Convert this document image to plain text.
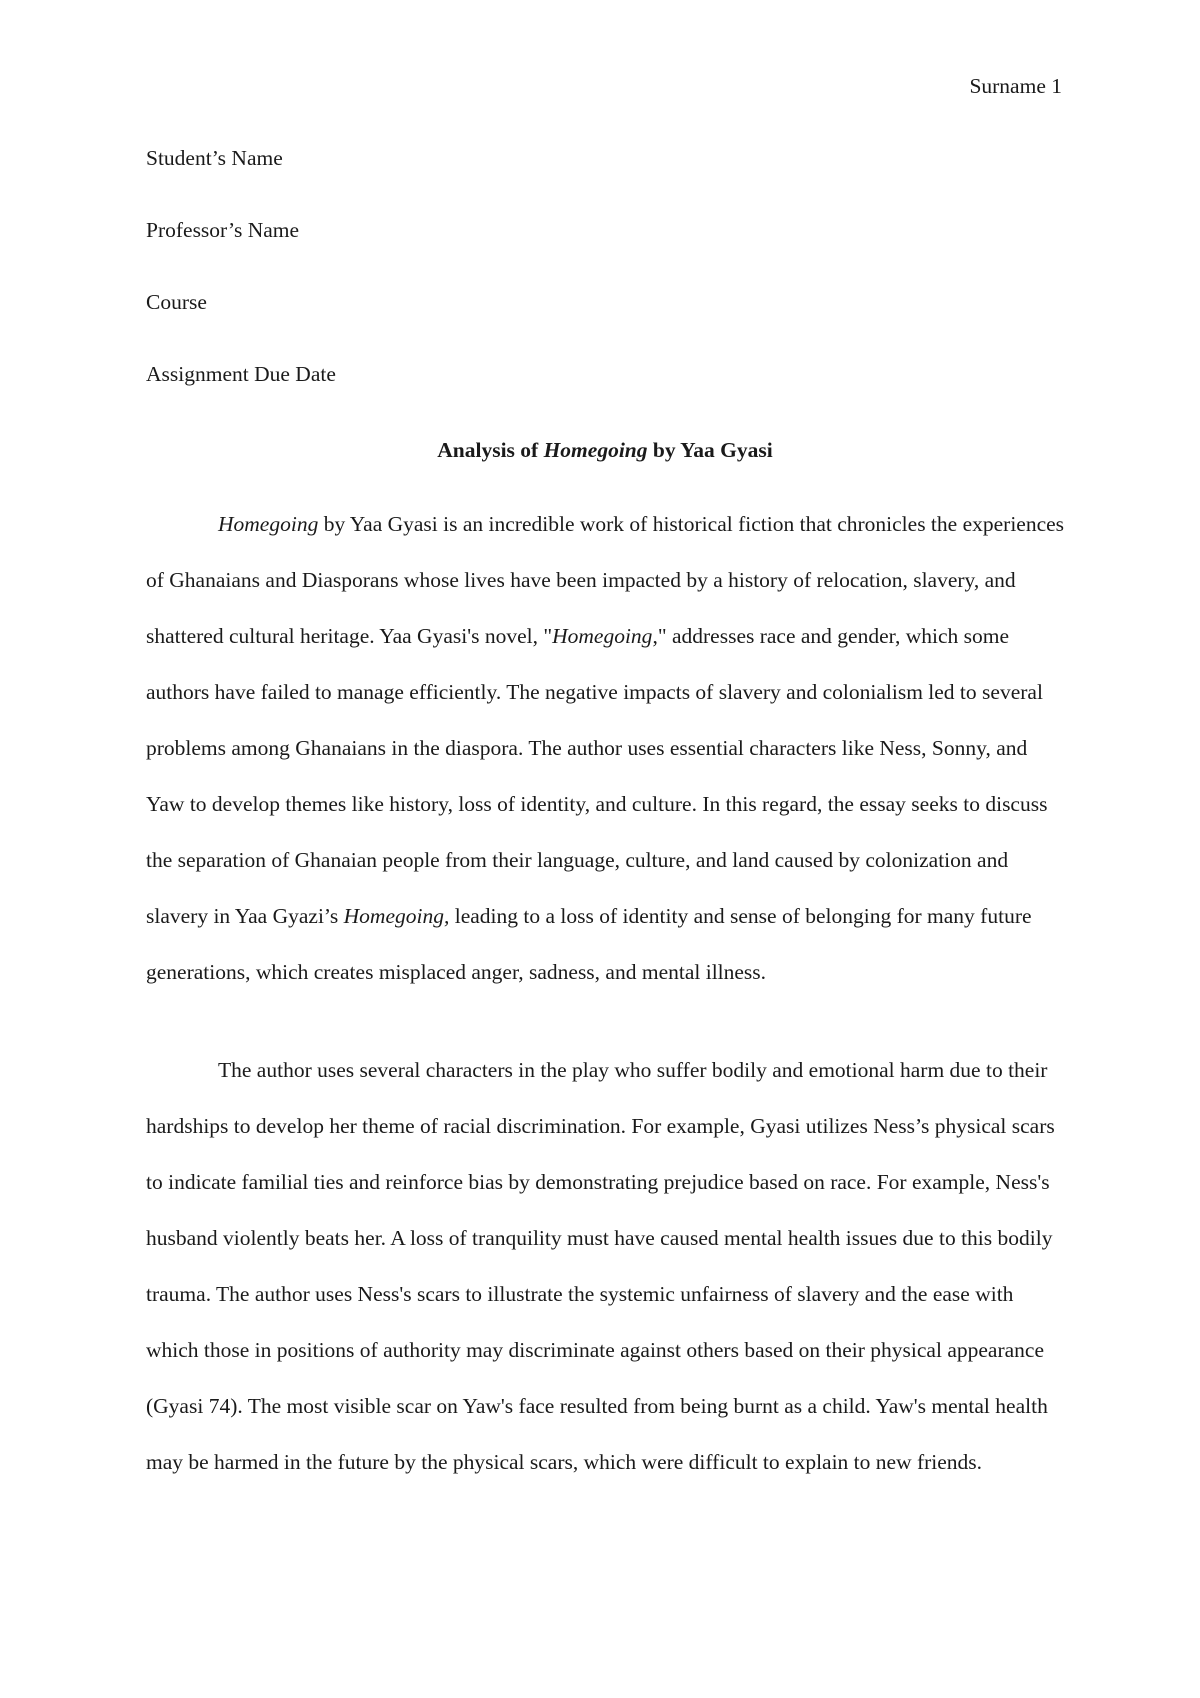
Surname 1

Student’s Name

Professor’s Name

Course

Assignment Due Date

Analysis of Homegoing by Yaa Gyasi

Homegoing by Yaa Gyasi is an incredible work of historical fiction that chronicles the experiences of Ghanaians and Diasporans whose lives have been impacted by a history of relocation, slavery, and shattered cultural heritage. Yaa Gyasi's novel, "Homegoing," addresses race and gender, which some authors have failed to manage efficiently. The negative impacts of slavery and colonialism led to several problems among Ghanaians in the diaspora. The author uses essential characters like Ness, Sonny, and Yaw to develop themes like history, loss of identity, and culture. In this regard, the essay seeks to discuss the separation of Ghanaian people from their language, culture, and land caused by colonization and slavery in Yaa Gyazi’s Homegoing, leading to a loss of identity and sense of belonging for many future generations, which creates misplaced anger, sadness, and mental illness.

The author uses several characters in the play who suffer bodily and emotional harm due to their hardships to develop her theme of racial discrimination. For example, Gyasi utilizes Ness’s physical scars to indicate familial ties and reinforce bias by demonstrating prejudice based on race. For example, Ness's husband violently beats her. A loss of tranquility must have caused mental health issues due to this bodily trauma. The author uses Ness's scars to illustrate the systemic unfairness of slavery and the ease with which those in positions of authority may discriminate against others based on their physical appearance (Gyasi 74). The most visible scar on Yaw's face resulted from being burnt as a child. Yaw's mental health may be harmed in the future by the physical scars, which were difficult to explain to new friends.
